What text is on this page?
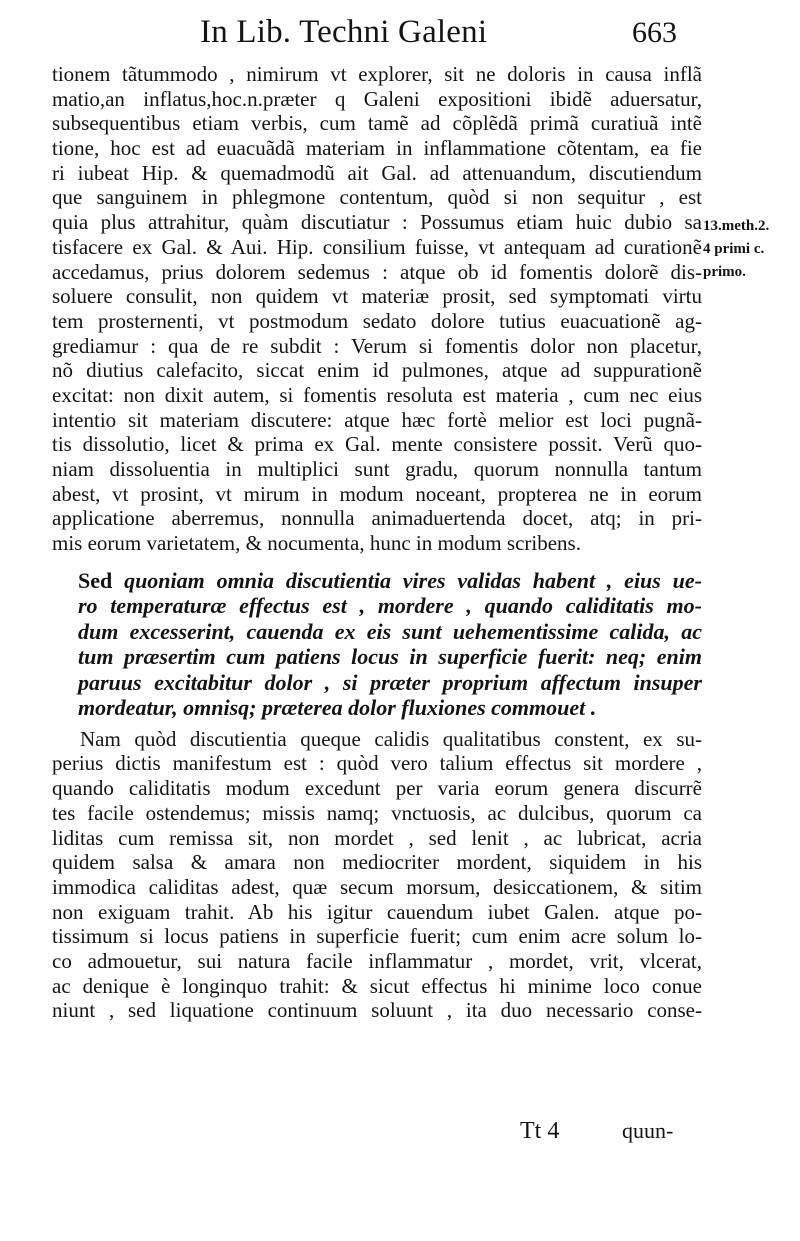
In Lib. Techni Galeni	663
13.meth.2.
4 primi c.
primo.
tionem tãtummodo , nimirum vt explorer, sit ne doloris in causa inflã
matio,an inflatus,hoc.n.præter q Galeni expositioni ibidẽ aduersatur,
subsequentibus etiam verbis, cum tamẽ ad cõplẽdã primã curatiuã intẽ
tione, hoc est ad euacuãdã materiam in inflammatione cõtentam, ea fie
ri iubeat Hip. & quemadmodũ ait Gal. ad attenuandum, discutiendum
que sanguinem in phlegmone contentum, quòd si non sequitur , est
quia plus attrahitur, quàm discutiatur : Possumus etiam huic dubio sa
tisfacere ex Gal. & Aui. Hip. consilium fuisse, vt antequam ad curationẽ
accedamus, prius dolorem sedemus : atque ob id fomentis dolorẽ dis-
soluere consulit, non quidem vt materiæ prosit, sed symptomati virtu
tem prosternenti, vt postmodum sedato dolore tutius euacuationẽ ag-
grediamur : qua de re subdit : Verum si fomentis dolor non placetur,
nõ diutius calefacito, siccat enim id pulmones, atque ad suppurationẽ
excitat: non dixit autem, si fomentis resoluta est materia , cum nec eius
intentio sit materiam discutere: atque hæc fortè melior est loci pugnã-
tis dissolutio, licet & prima ex Gal. mente consistere possit. Verũ quo-
niam dissoluentia in multiplici sunt gradu, quorum nonnulla tantum
abest, vt prosint, vt mirum in modum noceant, propterea ne in eorum
applicatione aberremus, nonnulla animaduertenda docet, atq; in pri-
mis eorum varietatem, & nocumenta, hunc in modum scribens.
Sed quoniam omnia discutientia vires validas habent , eius ue-
ro temperaturæ effectus est , mordere , quando caliditatis mo-
dum excesserint, cauenda ex eis sunt uehementissime calida, ac
tum præsertim cum patiens locus in superficie fuerit: neq; enim
paruus excitabitur dolor , si præter proprium affectum insuper
mordeatur, omnisq; præterea dolor fluxiones commouet .
Nam quòd discutientia queque calidis qualitatibus constent, ex su-
perius dictis manifestum est : quòd vero talium effectus sit mordere ,
quando caliditatis modum excedunt per varia eorum genera discurrẽ
tes facile ostendemus; missis namq; vnctuosis, ac dulcibus, quorum ca
liditas cum remissa sit, non mordet , sed lenit , ac lubricat, acria
quidem salsa & amara non mediocriter mordent, siquidem in his
immodica caliditas adest, quæ secum morsum, desiccationem, & sitim
non exiguam trahit. Ab his igitur cauendum iubet Galen. atque po-
tissimum si locus patiens in superficie fuerit; cum enim acre solum lo-
co admouetur, sui natura facile inflammatur , mordet, vrit, vlcerat,
ac denique è longinquo trahit: & sicut effectus hi minime loco conue
niunt , sed liquatione continuum soluunt , ita duo necessario conse-
Tt 4	quun-
